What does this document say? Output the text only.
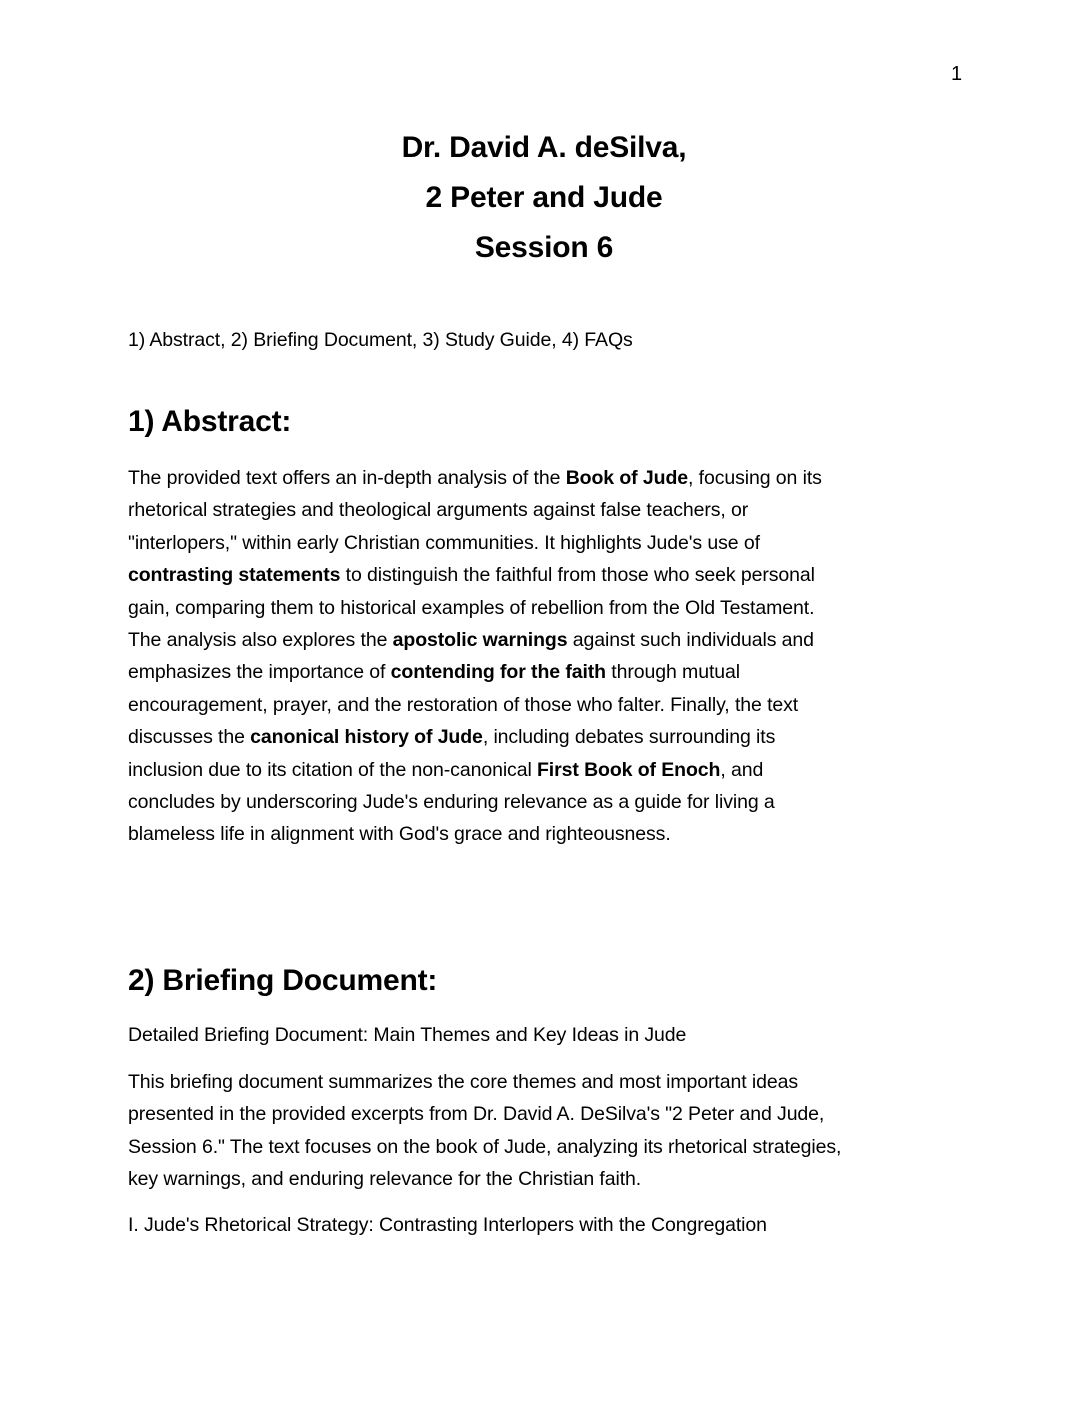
1
Dr. David A. deSilva,
2 Peter and Jude
Session 6
1) Abstract, 2) Briefing Document, 3) Study Guide, 4) FAQs
1) Abstract:
The provided text offers an in-depth analysis of the Book of Jude, focusing on its
rhetorical strategies and theological arguments against false teachers, or
"interlopers," within early Christian communities. It highlights Jude's use of
contrasting statements to distinguish the faithful from those who seek personal
gain, comparing them to historical examples of rebellion from the Old Testament.
The analysis also explores the apostolic warnings against such individuals and
emphasizes the importance of contending for the faith through mutual
encouragement, prayer, and the restoration of those who falter. Finally, the text
discusses the canonical history of Jude, including debates surrounding its
inclusion due to its citation of the non-canonical First Book of Enoch, and
concludes by underscoring Jude's enduring relevance as a guide for living a
blameless life in alignment with God's grace and righteousness.
2) Briefing Document:
Detailed Briefing Document: Main Themes and Key Ideas in Jude
This briefing document summarizes the core themes and most important ideas
presented in the provided excerpts from Dr. David A. DeSilva's "2 Peter and Jude,
Session 6." The text focuses on the book of Jude, analyzing its rhetorical strategies,
key warnings, and enduring relevance for the Christian faith.
I. Jude's Rhetorical Strategy: Contrasting Interlopers with the Congregation
